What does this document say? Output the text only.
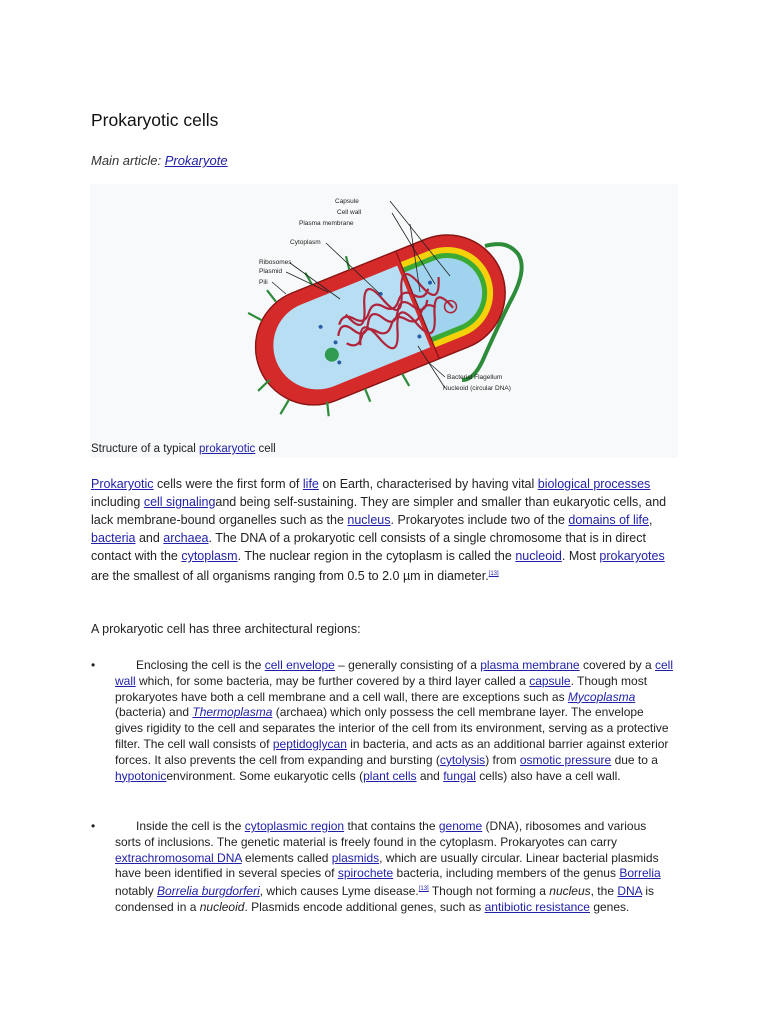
Prokaryotic cells

Main article: Prokaryote

Capsule
Cell wall
Plasma membrane
Cytoplasm
Ribosomes
Plasmid
Pili
Bacterial Flagellum
Nucleoid (circular DNA)
Structure of a typical prokaryotic cell

Prokaryotic cells were the first form of life on Earth, characterised by having vital biological processes including cell signalingand being self-sustaining. They are simpler and smaller than eukaryotic cells, and lack membrane-bound organelles such as the nucleus. Prokaryotes include two of the domains of life, bacteria and archaea. The DNA of a prokaryotic cell consists of a single chromosome that is in direct contact with the cytoplasm. The nuclear region in the cytoplasm is called the nucleoid. Most prokaryotes are the smallest of all organisms ranging from 0.5 to 2.0 µm in diameter.[13]

A prokaryotic cell has three architectural regions:

•	Enclosing the cell is the cell envelope – generally consisting of a plasma membrane covered by a cell wall which, for some bacteria, may be further covered by a third layer called a capsule. Though most prokaryotes have both a cell membrane and a cell wall, there are exceptions such as Mycoplasma (bacteria) and Thermoplasma (archaea) which only possess the cell membrane layer. The envelope gives rigidity to the cell and separates the interior of the cell from its environment, serving as a protective filter. The cell wall consists of peptidoglycan in bacteria, and acts as an additional barrier against exterior forces. It also prevents the cell from expanding and bursting (cytolysis) from osmotic pressure due to a hypotonicenvironment. Some eukaryotic cells (plant cells and fungal cells) also have a cell wall.

•	Inside the cell is the cytoplasmic region that contains the genome (DNA), ribosomes and various sorts of inclusions. The genetic material is freely found in the cytoplasm. Prokaryotes can carry extrachromosomal DNA elements called plasmids, which are usually circular. Linear bacterial plasmids have been identified in several species of spirochete bacteria, including members of the genus Borrelia notably Borrelia burgdorferi, which causes Lyme disease.[13] Though not forming a nucleus, the DNA is condensed in a nucleoid. Plasmids encode additional genes, such as antibiotic resistance genes.
